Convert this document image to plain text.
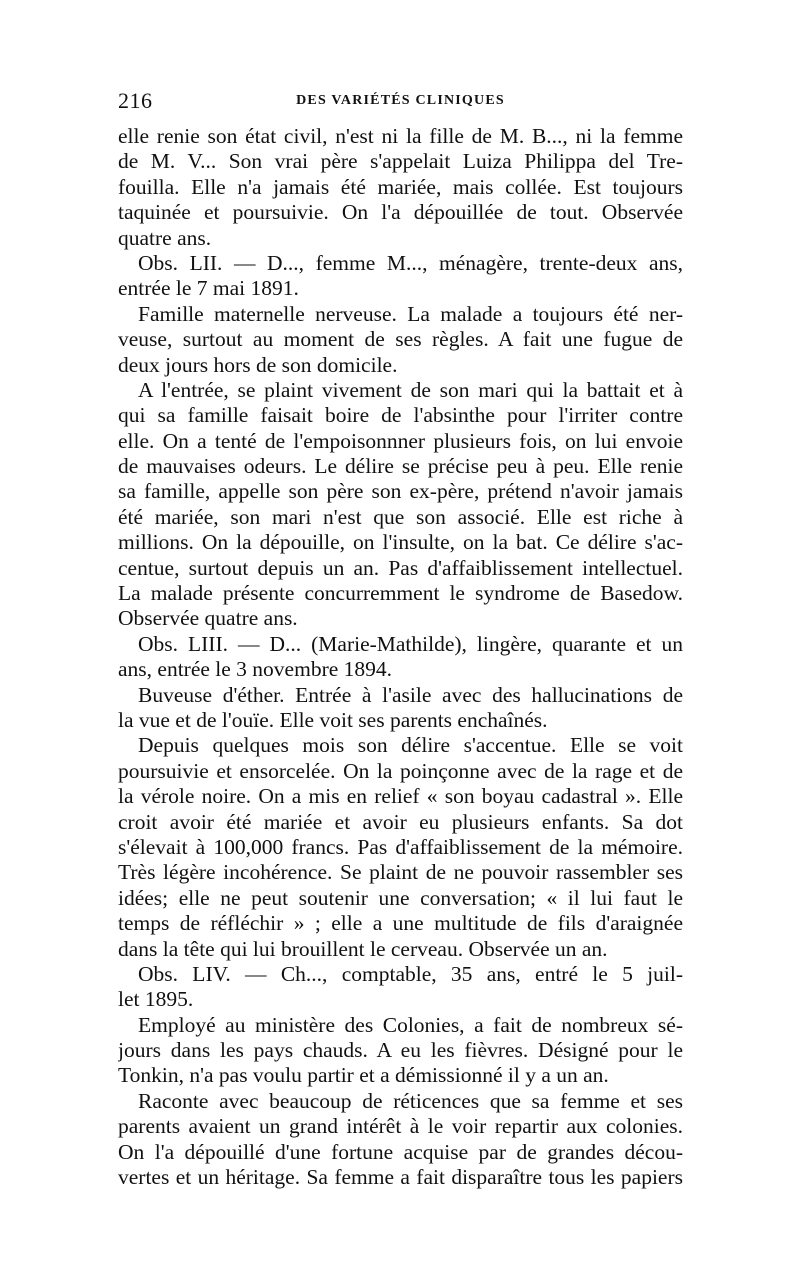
216	DES VARIÉTÉS CLINIQUES
elle renie son état civil, n'est ni la fille de M. B..., ni la femme
de M. V... Son vrai père s'appelait Luiza Philippa del Tre-
fouilla. Elle n'a jamais été mariée, mais collée. Est toujours
taquinée et poursuivie. On l'a dépouillée de tout. Observée
quatre ans.
Obs. LII. — D..., femme M..., ménagère, trente-deux ans,
entrée le 7 mai 1891.
Famille maternelle nerveuse. La malade a toujours été ner-
veuse, surtout au moment de ses règles. A fait une fugue de
deux jours hors de son domicile.
A l'entrée, se plaint vivement de son mari qui la battait et à
qui sa famille faisait boire de l'absinthe pour l'irriter contre
elle. On a tenté de l'empoisonnner plusieurs fois, on lui envoie
de mauvaises odeurs. Le délire se précise peu à peu. Elle renie
sa famille, appelle son père son ex-père, prétend n'avoir jamais
été mariée, son mari n'est que son associé. Elle est riche à
millions. On la dépouille, on l'insulte, on la bat. Ce délire s'ac-
centue, surtout depuis un an. Pas d'affaiblissement intellectuel.
La malade présente concurremment le syndrome de Basedow.
Observée quatre ans.
Obs. LIII. — D... (Marie-Mathilde), lingère, quarante et un
ans, entrée le 3 novembre 1894.
Buveuse d'éther. Entrée à l'asile avec des hallucinations de
la vue et de l'ouïe. Elle voit ses parents enchaînés.
Depuis quelques mois son délire s'accentue. Elle se voit
poursuivie et ensorcelée. On la poinçonne avec de la rage et de
la vérole noire. On a mis en relief « son boyau cadastral ». Elle
croit avoir été mariée et avoir eu plusieurs enfants. Sa dot
s'élevait à 100,000 francs. Pas d'affaiblissement de la mémoire.
Très légère incohérence. Se plaint de ne pouvoir rassembler ses
idées; elle ne peut soutenir une conversation; « il lui faut le
temps de réfléchir » ; elle a une multitude de fils d'araignée
dans la tête qui lui brouillent le cerveau. Observée un an.
Obs. LIV. — Ch..., comptable, 35 ans, entré le 5 juil-
let 1895.
Employé au ministère des Colonies, a fait de nombreux sé-
jours dans les pays chauds. A eu les fièvres. Désigné pour le
Tonkin, n'a pas voulu partir et a démissionné il y a un an.
Raconte avec beaucoup de réticences que sa femme et ses
parents avaient un grand intérêt à le voir repartir aux colonies.
On l'a dépouillé d'une fortune acquise par de grandes décou-
vertes et un héritage. Sa femme a fait disparaître tous les papiers
